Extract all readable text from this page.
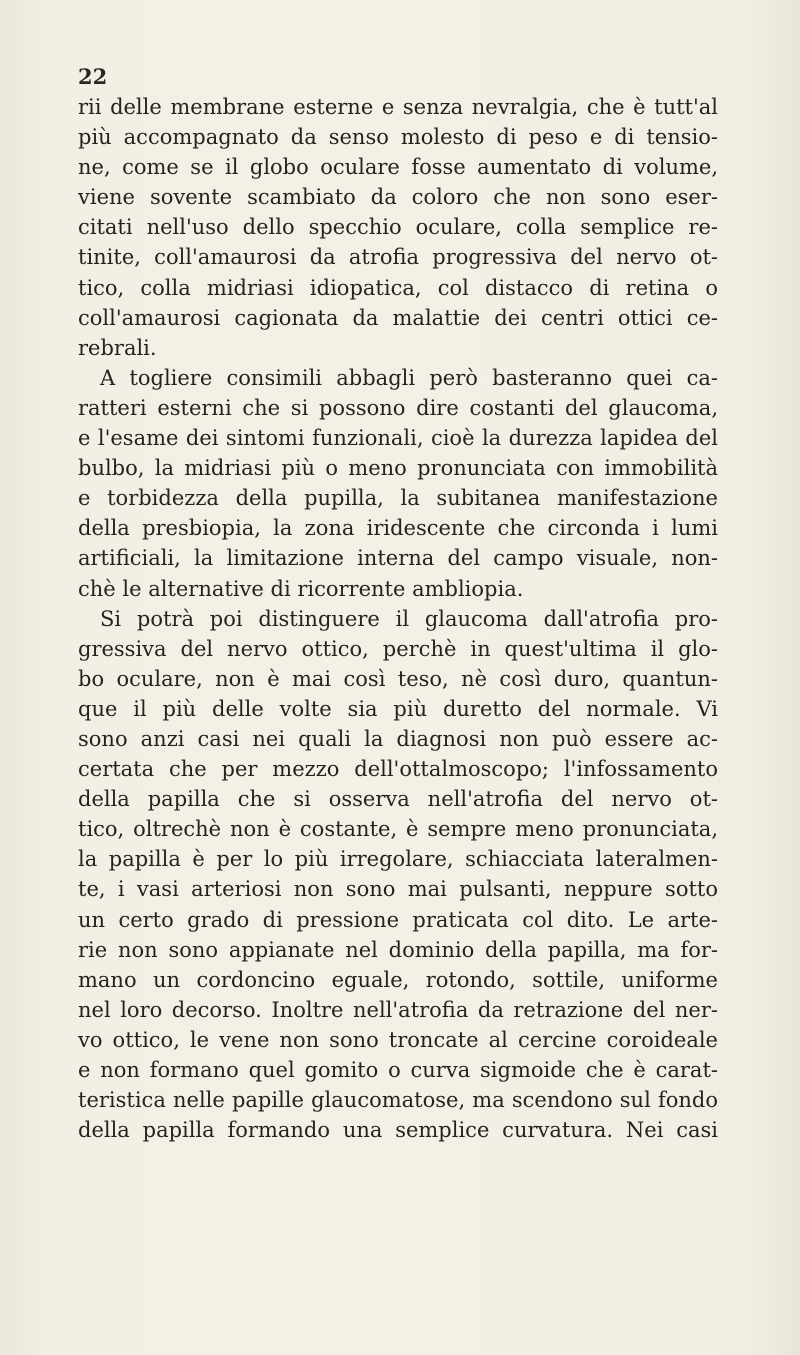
22
rii delle membrane esterne e senza nevralgia, che è tutt'al
più accompagnato da senso molesto di peso e di tensio-
ne, come se il globo oculare fosse aumentato di volume,
viene sovente scambiato da coloro che non sono eser-
citati nell'uso dello specchio oculare, colla semplice re-
tinite, coll'amaurosi da atrofia progressiva del nervo ot-
tico, colla midriasi idiopatica, col distacco di retina o
coll'amaurosi cagionata da malattie dei centri ottici ce-
rebrali.
A togliere consimili abbagli però basteranno quei ca-
ratteri esterni che si possono dire costanti del glaucoma,
e l'esame dei sintomi funzionali, cioè la durezza lapidea del
bulbo, la midriasi più o meno pronunciata con immobilità
e torbidezza della pupilla, la subitanea manifestazione
della presbiopia, la zona iridescente che circonda i lumi
artificiali, la limitazione interna del campo visuale, non-
chè le alternative di ricorrente ambliopia.
Si potrà poi distinguere il glaucoma dall'atrofia pro-
gressiva del nervo ottico, perchè in quest'ultima il glo-
bo oculare, non è mai così teso, nè così duro, quantun-
que il più delle volte sia più duretto del normale. Vi
sono anzi casi nei quali la diagnosi non può essere ac-
certata che per mezzo dell'ottalmoscopo; l'infossamento
della papilla che si osserva nell'atrofia del nervo ot-
tico, oltrechè non è costante, è sempre meno pronunciata,
la papilla è per lo più irregolare, schiacciata lateralmen-
te, i vasi arteriosi non sono mai pulsanti, neppure sotto
un certo grado di pressione praticata col dito. Le arte-
rie non sono appianate nel dominio della papilla, ma for-
mano un cordoncino eguale, rotondo, sottile, uniforme
nel loro decorso. Inoltre nell'atrofia da retrazione del ner-
vo ottico, le vene non sono troncate al cercine coroideale
e non formano quel gomito o curva sigmoide che è carat-
teristica nelle papille glaucomatose, ma scendono sul fondo
della papilla formando una semplice curvatura. Nei casi
